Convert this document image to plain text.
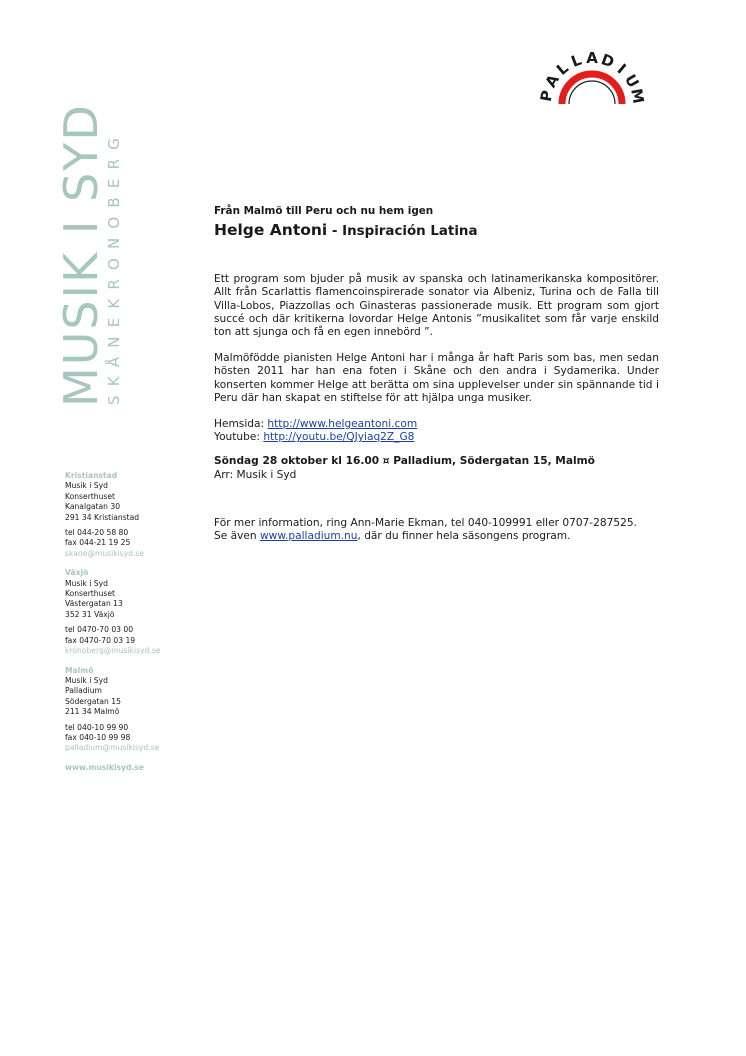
P
A
L
L A D
I
U
M
MUSIK I SYD
SKÅNEKRONOBERG
Kristianstad
Musik i Syd
Konserthuset
Kanalgatan 30
291 34 Kristianstad
tel 044-20 58 80
fax 044-21 19 25
skane@musikisyd.se
Växjö
Musik i Syd
Konserthuset
Västergatan 13
352 31 Växjö
tel 0470-70 03 00
fax 0470-70 03 19
kronoberg@musikisyd.se
Malmö
Musik i Syd
Palladium
Södergatan 15
211 34 Malmö
tel 040-10 99 90
fax 040-10 99 98
palladium@musikisyd.se
www.musikisyd.se
Från Malmö till Peru och nu hem igen
Helge Antoni - Inspiración Latina

Ett program som bjuder på musik av spanska och latinamerikanska kompositörer. Allt från Scarlattis flamencoinspirerade sonator via Albeniz, Turina och de Falla till Villa-Lobos, Piazzollas och Ginasteras passionerade musik. Ett program som gjort succé och där kritikerna lovordar Helge Antonis ”musikalitet som får varje enskild ton att sjunga och få en egen innebörd ”.

Malmöfödde pianisten Helge Antoni har i många år haft Paris som bas, men sedan hösten 2011 har han ena foten i Skåne och den andra i Sydamerika. Under konserten kommer Helge att berätta om sina upplevelser under sin spännande tid i Peru där han skapat en stiftelse för att hjälpa unga musiker.

Hemsida: http://www.helgeantoni.com
Youtube: http://youtu.be/QJyiaq2Z_G8

Söndag 28 oktober kl 16.00 ¤ Palladium, Södergatan 15, Malmö

Arr: Musik i Syd

För mer information, ring Ann-Marie Ekman, tel 040-109991 eller 0707-287525.
Se även www.palladium.nu, där du finner hela säsongens program.
